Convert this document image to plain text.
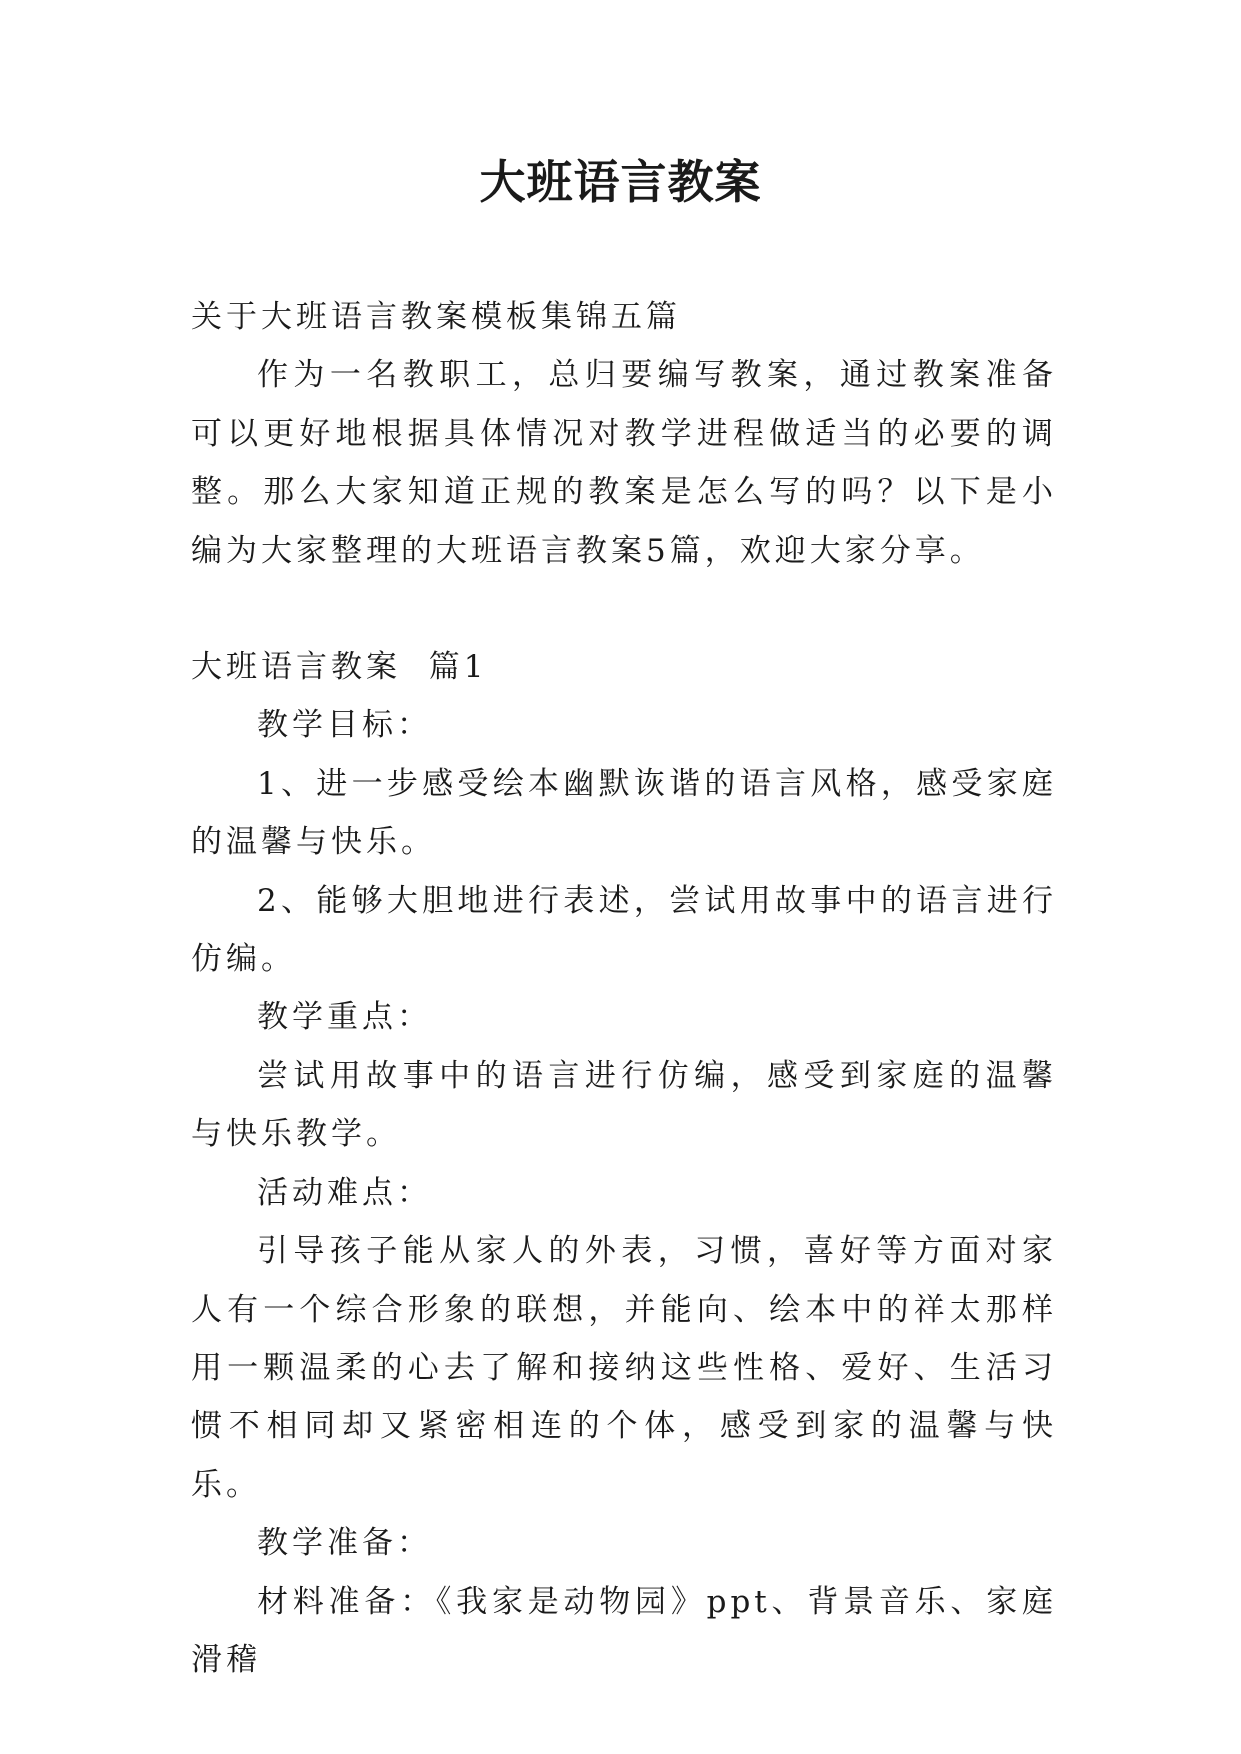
大班语言教案

关于大班语言教案模板集锦五篇

作为一名教职工，总归要编写教案，通过教案准备可以更好地根据具体情况对教学进程做适当的必要的调整。那么大家知道正规的教案是怎么写的吗？以下是小编为大家整理的大班语言教案5篇，欢迎大家分享。

大班语言教案  篇1

教学目标：

1、进一步感受绘本幽默诙谐的语言风格，感受家庭的温馨与快乐。

2、能够大胆地进行表述，尝试用故事中的语言进行仿编。

教学重点：

尝试用故事中的语言进行仿编，感受到家庭的温馨与快乐教学。

活动难点：

引导孩子能从家人的外表，习惯，喜好等方面对家人有一个综合形象的联想，并能向、绘本中的祥太那样用一颗温柔的心去了解和接纳这些性格、爱好、生活习惯不相同却又紧密相连的个体，感受到家的温馨与快乐。

教学准备：

材料准备：《我家是动物园》ppt、背景音乐、家庭滑稽
